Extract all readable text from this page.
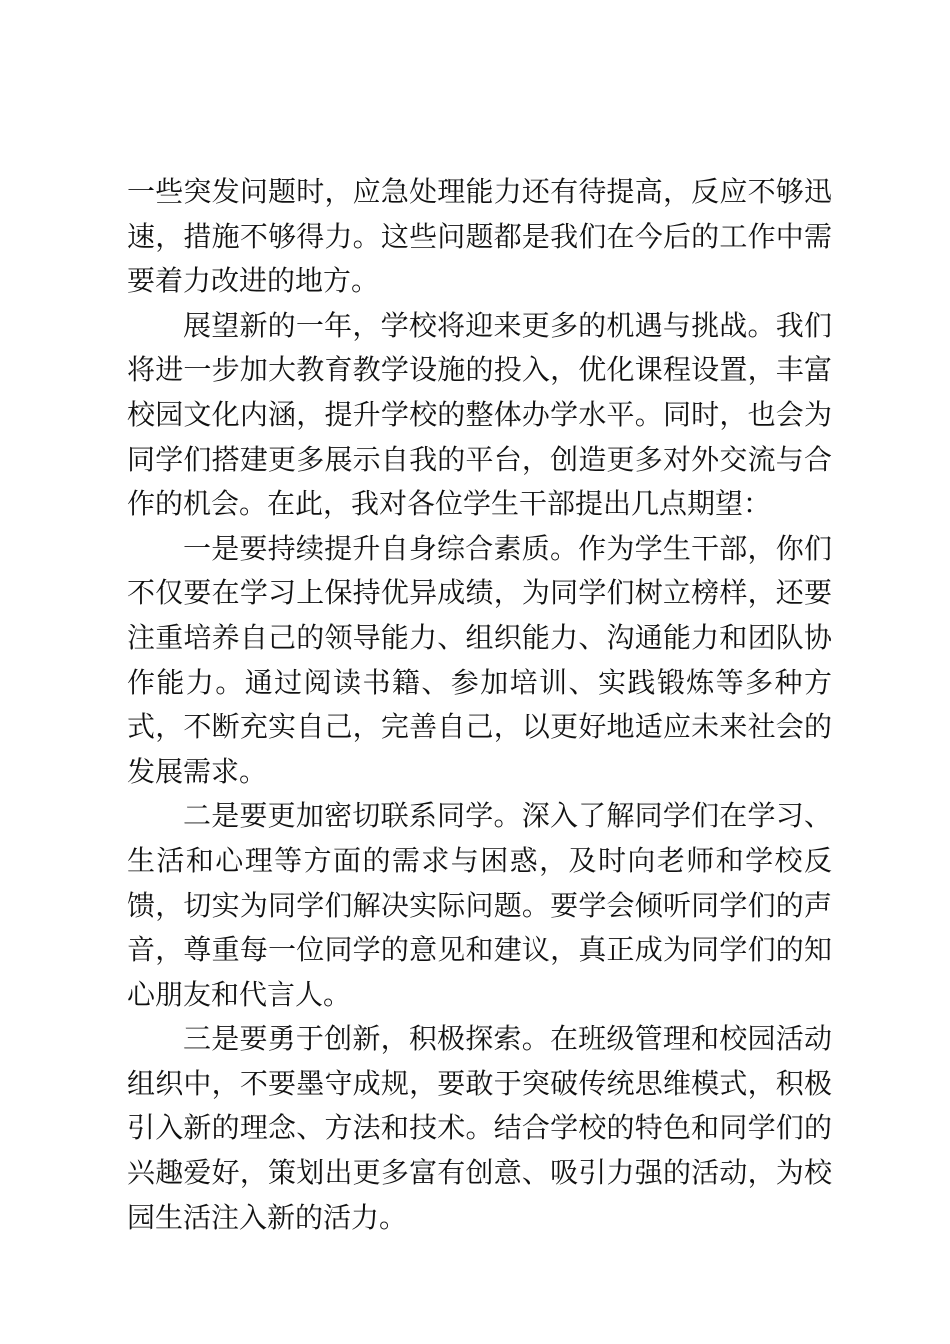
一些突发问题时，应急处理能力还有待提高，反应不够迅速，措施不够得力。这些问题都是我们在今后的工作中需要着力改进的地方。

展望新的一年，学校将迎来更多的机遇与挑战。我们将进一步加大教育教学设施的投入，优化课程设置，丰富校园文化内涵，提升学校的整体办学水平。同时，也会为同学们搭建更多展示自我的平台，创造更多对外交流与合作的机会。在此，我对各位学生干部提出几点期望：

一是要持续提升自身综合素质。作为学生干部，你们不仅要在学习上保持优异成绩，为同学们树立榜样，还要注重培养自己的领导能力、组织能力、沟通能力和团队协作能力。通过阅读书籍、参加培训、实践锻炼等多种方式，不断充实自己，完善自己，以更好地适应未来社会的发展需求。

二是要更加密切联系同学。深入了解同学们在学习、生活和心理等方面的需求与困惑，及时向老师和学校反馈，切实为同学们解决实际问题。要学会倾听同学们的声音，尊重每一位同学的意见和建议，真正成为同学们的知心朋友和代言人。

三是要勇于创新，积极探索。在班级管理和校园活动组织中，不要墨守成规，要敢于突破传统思维模式，积极引入新的理念、方法和技术。结合学校的特色和同学们的兴趣爱好，策划出更多富有创意、吸引力强的活动，为校园生活注入新的活力。
